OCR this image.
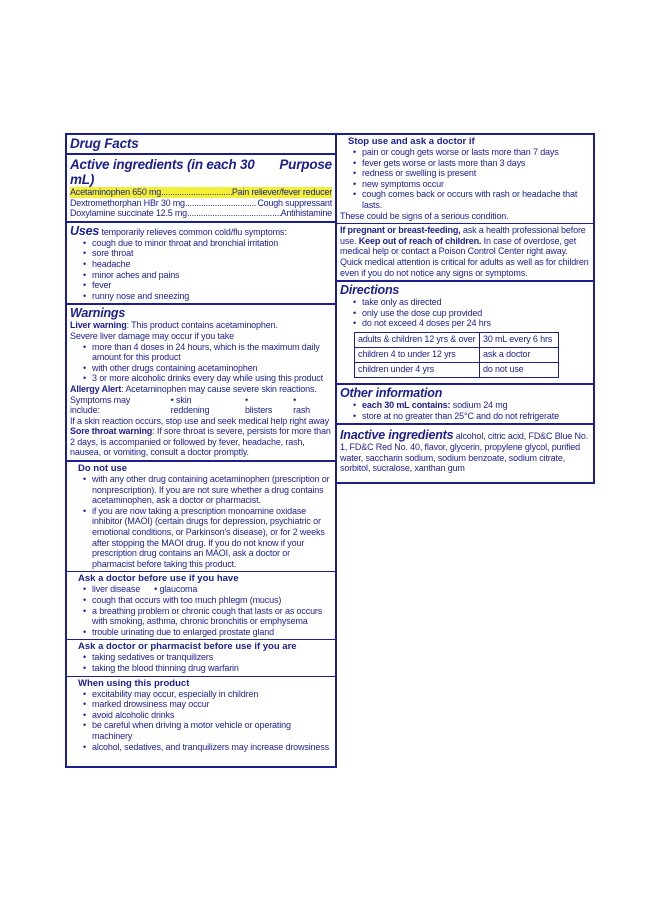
Drug Facts
Active ingredients (in each 30 mL)
Purpose
Acetaminophen 650 mg .....	Pain reliever/fever reducer
Dextromethorphan HBr 30 mg .....	Cough suppressant
Doxylamine succinate 12.5 mg .....	Antihistamine
Uses temporarily relieves common cold/flu symptoms:
• cough due to minor throat and bronchial irritation
• sore throat
• headache
• minor aches and pains
• fever
• runny nose and sneezing
Warnings
Liver warning: This product contains acetaminophen.
Severe liver damage may occur if you take
• more than 4 doses in 24 hours, which is the maximum daily amount for this product
• with other drugs containing acetaminophen
• 3 or more alcoholic drinks every day while using this product
Allergy Alert: Acetaminophen may cause severe skin reactions.
Symptoms may include:
• skin reddening
• blisters
• rash
If a skin reaction occurs, stop use and seek medical help right away
Sore throat warning: If sore throat is severe, persists for more than 2 days, is accompanied or followed by fever, headache, rash, nausea, or vomiting, consult a doctor promptly.
Do not use
• with any other drug containing acetaminophen (prescription or nonprescription). If you are not sure whether a drug contains acetaminophen, ask a doctor or pharmacist.
• if you are now taking a prescription monoamine oxidase inhibitor (MAOI) (certain drugs for depression, psychiatric or emotional conditions, or Parkinson's disease), or for 2 weeks after stopping the MAOI drug. If you do not know if your prescription drug contains an MAOI, ask a doctor or pharmacist before taking this product.
Ask a doctor before use if you have
• liver disease • glaucoma
• cough that occurs with too much phlegm (mucus)
• a breathing problem or chronic cough that lasts or as occurs with smoking, asthma, chronic bronchitis or emphysema
• trouble urinating due to enlarged prostate gland
Ask a doctor or pharmacist before use if you are
• taking sedatives or tranquilizers
• taking the blood thinning drug warfarin
When using this product
• excitability may occur, especially in children
• marked drowsiness may occur
• avoid alcoholic drinks
• be careful when driving a motor vehicle or operating machinery
• alcohol, sedatives, and tranquilizers may increase drowsiness
Stop use and ask a doctor if
• pain or cough gets worse or lasts more than 7 days
• fever gets worse or lasts more than 3 days
• redness or swelling is present
• new symptoms occur
• cough comes back or occurs with rash or headache that lasts.
These could be signs of a serious condition.
If pregnant or breast-feeding, ask a health professional before use. Keep out of reach of children. In case of overdose, get medical help or contact a Poison Control Center right away. Quick medical attention is critical for adults as well as for children even if you do not notice any signs or symptoms.
Directions
• take only as directed
• only use the dose cup provided
• do not exceed 4 doses per 24 hrs
adults & children 12 yrs & over	30 mL every 6 hrs
children 4 to under 12 yrs	ask a doctor
children under 4 yrs	do not use
Other information
• each 30 mL contains: sodium 24 mg
• store at no greater than 25°C and do not refrigerate
Inactive ingredients alcohol, citric acid, FD&C Blue No. 1, FD&C Red No. 40, flavor, glycerin, propylene glycol, purified water, saccharin sodium, sodium benzoate, sodium citrate, sorbitol, sucralose, xanthan gum
